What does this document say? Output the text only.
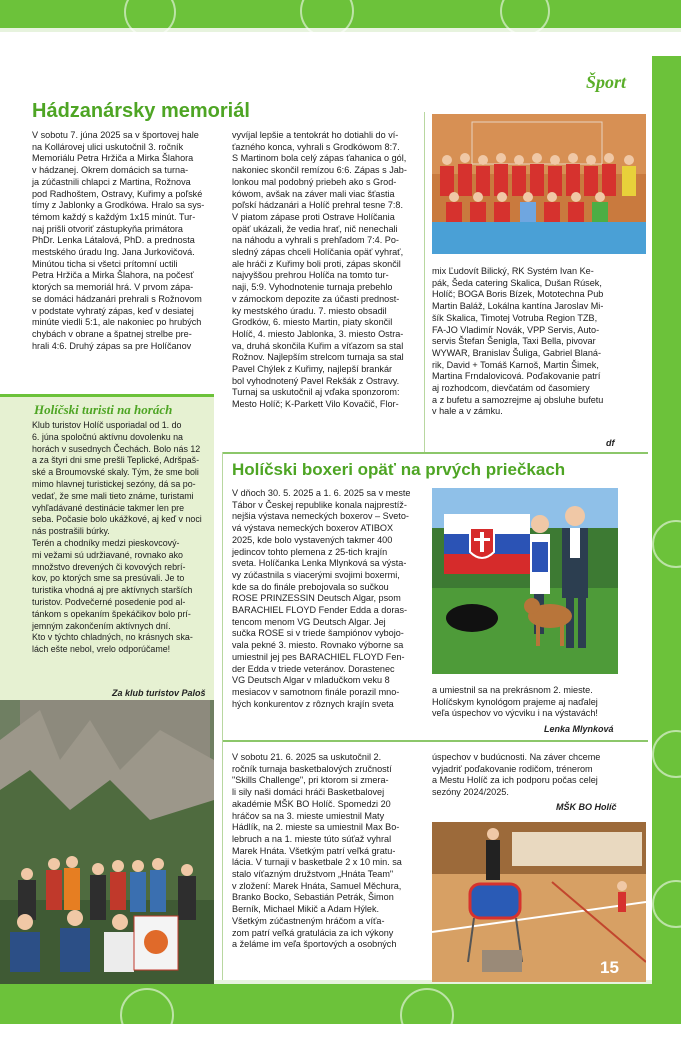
Šport
Hádzanársky memoriál

V sobotu 7. júna 2025 sa v športovej hale
na Kollárovej ulici uskutočnil 3. ročník
Memoriálu Petra Hržiča a Mirka Šlahora
v hádzanej. Okrem domácich sa turna-
ja zúčastnili chlapci z Martina, Rožnova
pod Radhoštem, Ostravy, Kuřimy a poľské
tímy z Jablonky a Grodkówa. Hralo sa sys-
témom každý s každým 1x15 minút. Tur-
naj prišli otvoriť zástupkyňa primátora
PhDr. Lenka Látalová, PhD. a prednosta
mestského úradu Ing. Jana Jurkovičová.
Minútou ticha si všetci prítomní uctili
Petra Hržiča a Mirka Šlahora, na počesť
ktorých sa memoriál hrá. V prvom zápa-
se domáci hádzanári prehrali s Rožnovom
v podstate vyhratý zápas, keď v desiatej
minúte viedli 5:1, ale nakoniec po hrubých
chybách v obrane a špatnej strelbe pre-
hrali 4:6. Druhý zápas sa pre Holíčanov

vyvíjal lepšie a tentokrát ho dotiahli do ví-
ťazného konca, vyhrali s Grodkówom 8:7.
S Martinom bola celý zápas ťahanica o gól,
nakoniec skončil remízou 6:6. Zápas s Jab-
lonkou mal podobný priebeh ako s Grod-
kówom, avšak na záver mali viac šťastia
poľskí hádzanári a Holíč prehral tesne 7:8.
V piatom zápase proti Ostrave Holíčania
opäť ukázali, že vedia hrať, nič nenechali
na náhodu a vyhrali s prehľadom 7:4. Po-
sledný zápas chceli Holíčania opäť vyhrať,
ale hráči z Kuřimy boli proti, zápas skončil
najvyššou prehrou Holíča na tomto tur-
naji, 5:9. Vyhodnotenie turnaja prebehlo
v zámockom depozite za účasti prednost-
ky mestského úradu. 7. miesto obsadil
Grodków, 6. miesto Martin, piaty skončil
Holíč, 4. miesto Jablonka, 3. miesto Ostra-
va, druhá skončila Kuřim a víťazom sa stal
Rožnov. Najlepším strelcom turnaja sa stal
Pavel Chýlek z Kuřimy, najlepší brankár
bol vyhodnotený Pavel Rekšák z Ostravy.
Turnaj sa uskutočnil aj vďaka sponzorom:
Mesto Holíč; K-Parkett Vilo Kovačič, Flor-

mix Ľudovít Bilický, RK Systém Ivan Ke-
pák, Šeda catering Skalica, Dušan Rúsek,
Holíč; BOGA Boris Bízek, Mototechna Pub
Martin Baláž, Lokálna kantína Jaroslav Mi-
šík Skalica, Timotej Votruba Region TZB,
FA-JO Vladimír Novák, VPP Servis, Auto-
servis Štefan Šenigla, Taxi Bella, pivovar
WYWAR, Branislav Šuliga, Gabriel Blaná-
rik, David + Tomáš Karnoš, Martin Šimek,
Martina Frndalovicová. Poďakovanie patrí
aj rozhodcom, dievčatám od časomiery
a z bufetu a samozrejme aj obsluhe bufetu
v hale a v zámku.

df
Holíčski turisti na horách

Klub turistov Holíč usporiadal od 1. do
6. júna spoločnú aktívnu dovolenku na
horách v susednych Čechách. Bolo nás 12
a za štyri dni sme prešli Teplické, Adršpaš-
ské a Broumovské skaly. Tým, že sme boli
mimo hlavnej turistickej sezóny, dá sa po-
vedať, že sme mali tieto známe, turistami
vyhľadávané destinácie takmer len pre
seba. Počasie bolo ukážkové, aj keď v noci
nás postrašili búrky.
Terén a chodníky medzi pieskovcový-
mi vežami sú udržiavané, rovnako ako
množstvo drevených či kovových rebrí-
kov, po ktorých sme sa presúvali. Je to
turistika vhodná aj pre aktívnych starších
turistov. Podvečerné posedenie pod al-
tánkom s opekaním špekáčikov bolo prí-
jemným zakončením aktívnych dní.
Kto v týchto chladných, no krásnych ska-
lách ešte nebol, vrelo odporúčame!

Za klub turistov Paloš
Holíčski boxeri opäť na prvých priečkach

V dňoch 30. 5. 2025 a 1. 6. 2025 sa v meste
Tábor v Českej republike konala najprestíž-
nejšia výstava nemeckých boxerov – Sveto-
vá výstava nemeckých boxerov ATIBOX
2025, kde bolo vystavených takmer 400
jedincov tohto plemena z 25-tich krajín
sveta. Holíčanka Lenka Mlynková sa výsta-
vy zúčastnila s viacerými svojimi boxermi,
kde sa do finále prebojovala so sučkou
ROSE PRINZESSIN Deutsch Algar, psom
BARACHIEL FLOYD Fender Edda a doras-
tencom menom VG Deutsch Algar. Jej
sučka ROSE si v triede šampiónov vybojo-
vala pekné 3. miesto. Rovnako výborne sa
umiestnil jej pes BARACHIEL FLOYD Fen-
der Edda v triede veteránov. Dorastenec
VG Deutsch Algar v mladučkom veku 8
mesiacov v samotnom finále porazil mno-
hých konkurentov z rôznych krajín sveta

a umiestnil sa na prekrásnom 2. mieste.
Holíčskym kynológom prajeme aj naďalej
veľa úspechov vo výcviku i na výstavách!

Lenka Mlynková

V sobotu 21. 6. 2025 sa uskutočnil 2.
ročník turnaja basketbalových zručností
"Skills Challenge", pri ktorom si zmera-
li sily naši domáci hráči Basketbalovej
akadémie MŠK BO Holíč. Spomedzi 20
hráčov sa na 3. mieste umiestnil Maty
Hádlík, na 2. mieste sa umiestnil Max Bo-
lebruch a na 1. mieste túto súťaž vyhral
Marek Hnáta. Všetkým patrí veľká gratu-
lácia. V turnaji v basketbale 2 x 10 min. sa
stalo víťazným družstvom „Hnáta Team"
v zložení: Marek Hnáta, Samuel Měchura,
Branko Bocko, Sebastián Petrák, Šimon
Berník, Michael Mikič a Adam Hýlek.
Všetkým zúčastneným hráčom a víťa-
zom patrí veľká gratulácia za ich výkony
a želáme im veľa športových a osobných

úspechov v budúcnosti. Na záver chceme
vyjadriť poďakovanie rodičom, trénerom
a Mestu Holíč za ich podporu počas celej
sezóny 2024/2025.

MŠK BO Holíč
15
